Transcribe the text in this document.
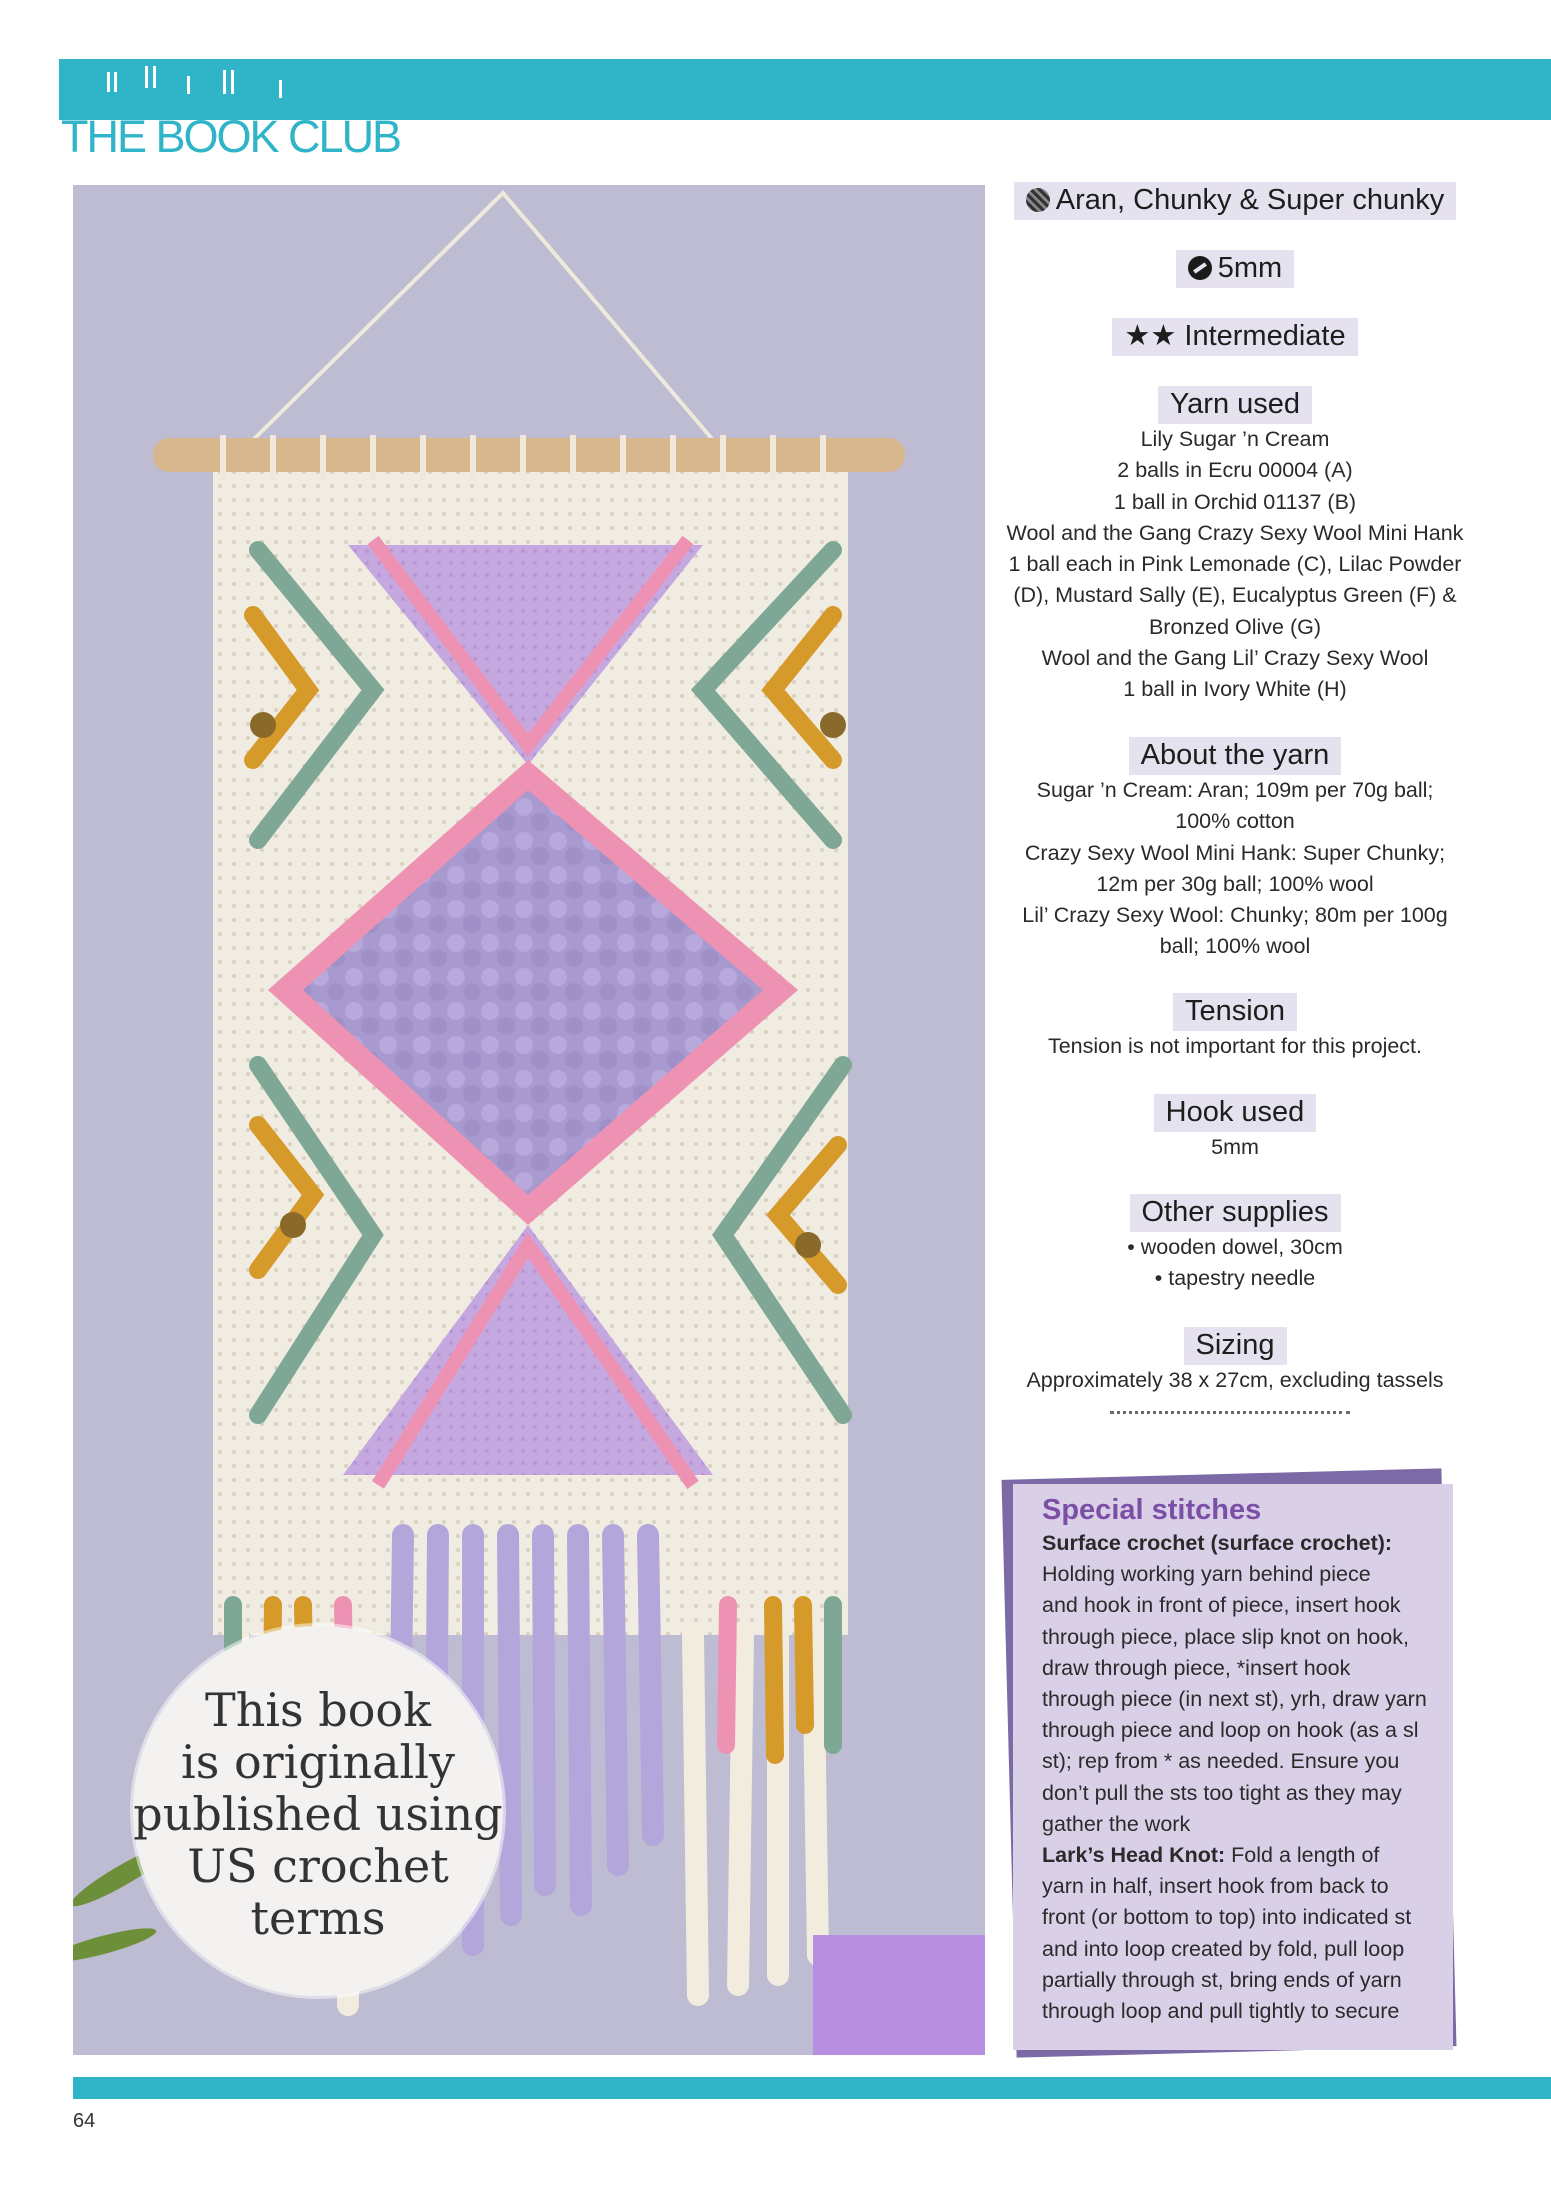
THE BOOK CLUB
This book
is originally
published using
US crochet
terms
Aran, Chunky & Super chunky
5mm
★★ Intermediate
Yarn used

Lily Sugar ’n Cream

2 balls in Ecru 00004 (A)

1 ball in Orchid 01137 (B)

Wool and the Gang Crazy Sexy Wool Mini Hank

1 ball each in Pink Lemonade (C), Lilac Powder

(D), Mustard Sally (E), Eucalyptus Green (F) &

Bronzed Olive (G)

Wool and the Gang Lil’ Crazy Sexy Wool

1 ball in Ivory White (H)

About the yarn

Sugar ’n Cream: Aran; 109m per 70g ball;

100% cotton

Crazy Sexy Wool Mini Hank: Super Chunky;

12m per 30g ball; 100% wool

Lil’ Crazy Sexy Wool: Chunky; 80m per 100g

ball; 100% wool

Tension

Tension is not important for this project.

Hook used

5mm

Other supplies

• wooden dowel, 30cm

• tapestry needle

Sizing

Approximately 38 x 27cm, excluding tassels

Special stitches

Surface crochet (surface crochet):

Holding working yarn behind piece

and hook in front of piece, insert hook

through piece, place slip knot on hook,

draw through piece, *insert hook

through piece (in next st), yrh, draw yarn

through piece and loop on hook (as a sl

st); rep from * as needed. Ensure you

don’t pull the sts too tight as they may

gather the work

Lark’s Head Knot: Fold a length of

yarn in half, insert hook from back to

front (or bottom to top) into indicated st

and into loop created by fold, pull loop

partially through st, bring ends of yarn

through loop and pull tightly to secure

64
